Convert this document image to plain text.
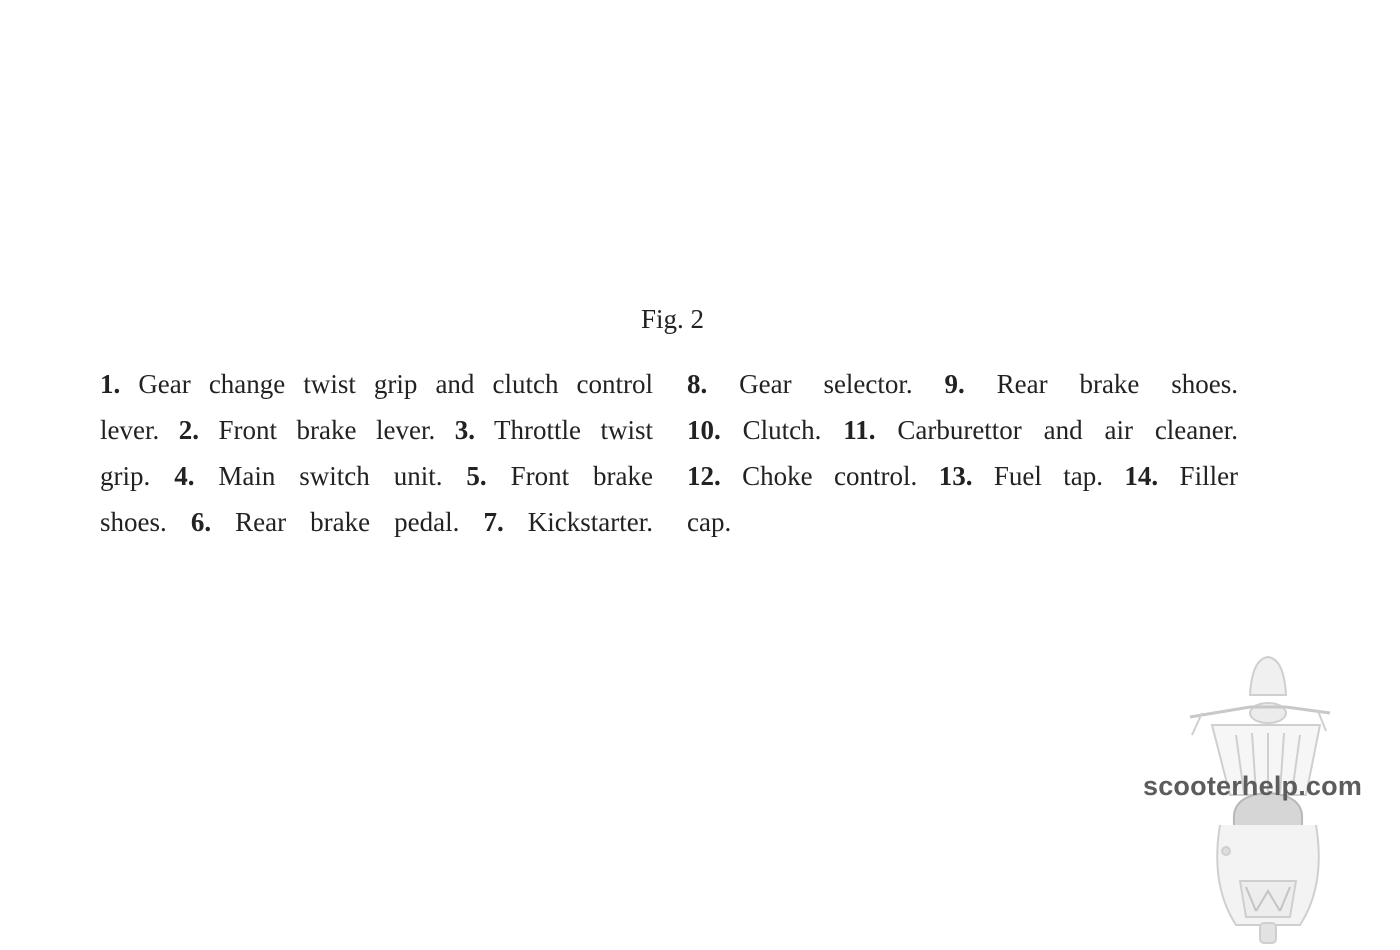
Fig. 2
1. Gear change twist grip and clutch control
lever. 2. Front brake lever. 3. Throttle twist
grip. 4. Main switch unit. 5. Front brake
shoes. 6. Rear brake pedal. 7. Kickstarter.
8. Gear selector. 9. Rear brake shoes.
10. Clutch. 11. Carburettor and air cleaner.
12. Choke control. 13. Fuel tap. 14. Filler
cap.
scooterhelp.com
